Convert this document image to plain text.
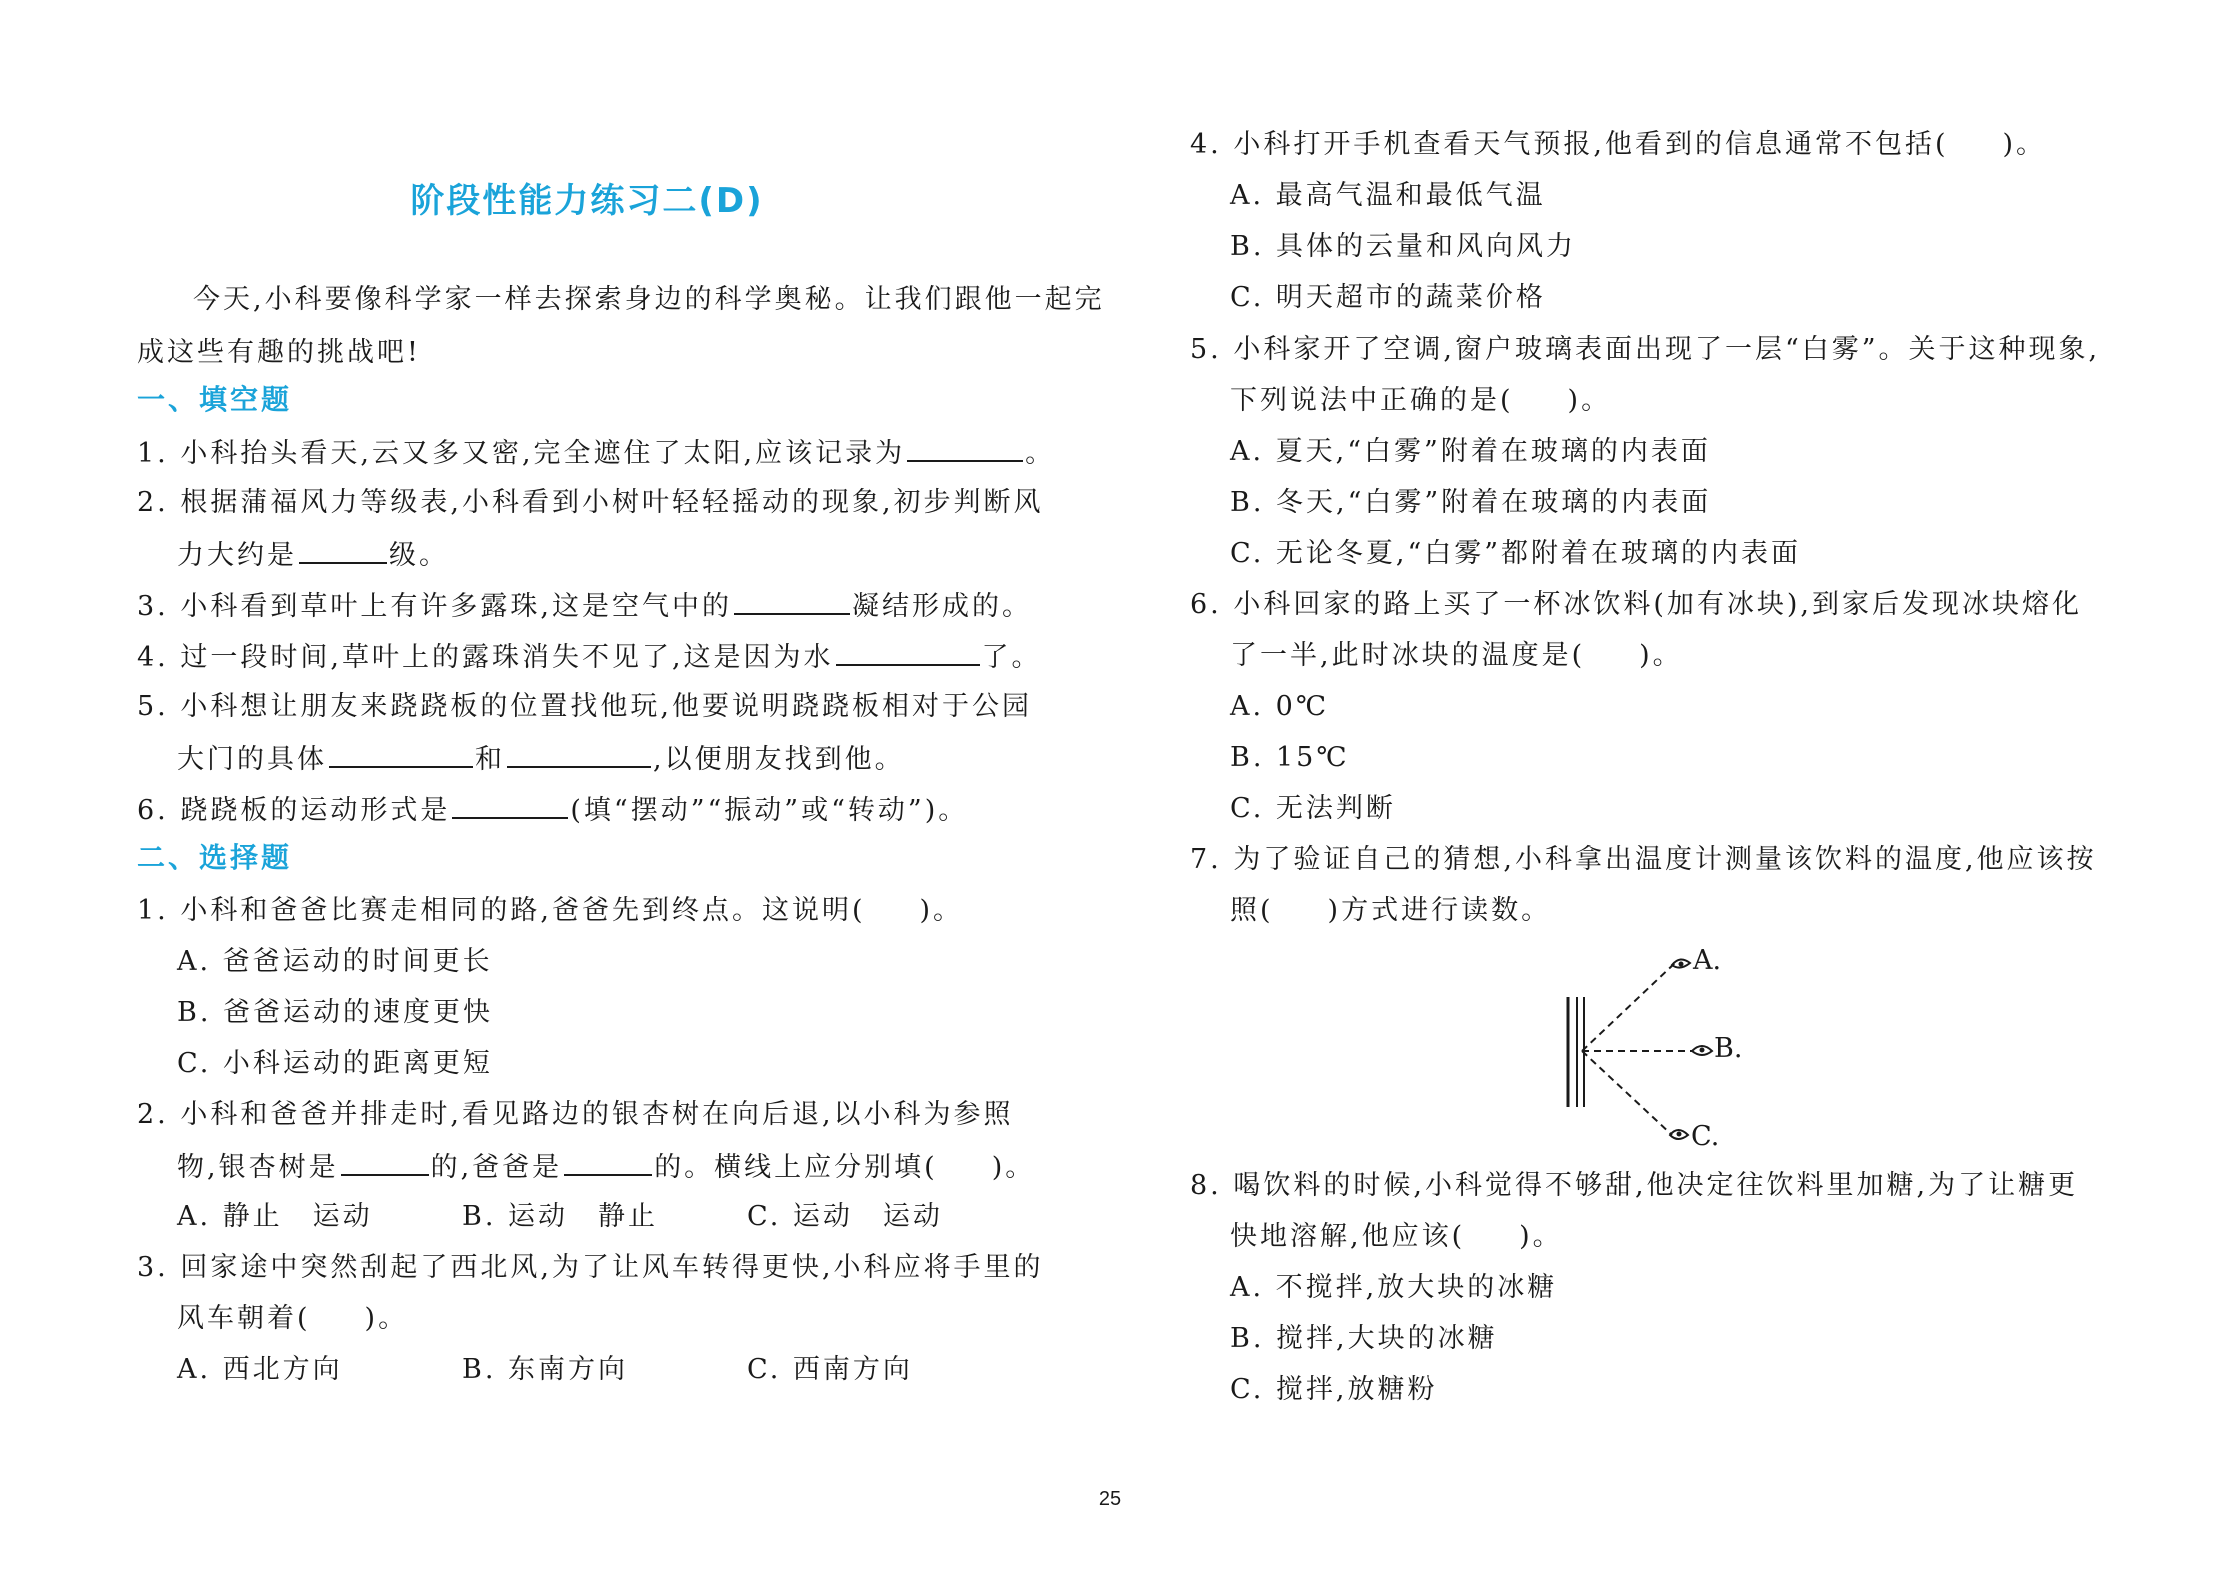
阶段性能力练习二(D)
今天,小科要像科学家一样去探索身边的科学奥秘。让我们跟他一起完
成这些有趣的挑战吧!
一、填空题
1. 小科抬头看天,云又多又密,完全遮住了太阳,应该记录为	。
2. 根据蒲福风力等级表,小科看到小树叶轻轻摇动的现象,初步判断风
力大约是	级。
3. 小科看到草叶上有许多露珠,这是空气中的	凝结形成的。
4. 过一段时间,草叶上的露珠消失不见了,这是因为水	了。
5. 小科想让朋友来跷跷板的位置找他玩,他要说明跷跷板相对于公园
大门的具体	和	,以便朋友找到他。
6. 跷跷板的运动形式是	(填“摆动”“振动”或“转动”)。
二、选择题
1. 小科和爸爸比赛走相同的路,爸爸先到终点。这说明( )。
A. 爸爸运动的时间更长
B. 爸爸运动的速度更快
C. 小科运动的距离更短
2. 小科和爸爸并排走时,看见路边的银杏树在向后退,以小科为参照
物,银杏树是	的,爸爸是	的。横线上应分别填( )。
A. 静止　运动	B. 运动　静止	C. 运动　运动
3. 回家途中突然刮起了西北风,为了让风车转得更快,小科应将手里的
风车朝着( )。
A. 西北方向	B. 东南方向	C. 西南方向
4. 小科打开手机查看天气预报,他看到的信息通常不包括( )。
A. 最高气温和最低气温
B. 具体的云量和风向风力
C. 明天超市的蔬菜价格
5. 小科家开了空调,窗户玻璃表面出现了一层“白雾”。关于这种现象,
下列说法中正确的是( )。
A. 夏天,“白雾”附着在玻璃的内表面
B. 冬天,“白雾”附着在玻璃的内表面
C. 无论冬夏,“白雾”都附着在玻璃的内表面
6. 小科回家的路上买了一杯冰饮料(加有冰块),到家后发现冰块熔化
了一半,此时冰块的温度是( )。
A. 0℃
B. 15℃
C. 无法判断
7. 为了验证自己的猜想,小科拿出温度计测量该饮料的温度,他应该按
照( )方式进行读数。
8. 喝饮料的时候,小科觉得不够甜,他决定往饮料里加糖,为了让糖更
快地溶解,他应该( )。
A. 不搅拌,放大块的冰糖
B. 搅拌,大块的冰糖
C. 搅拌,放糖粉
A.
B.
C.
25
